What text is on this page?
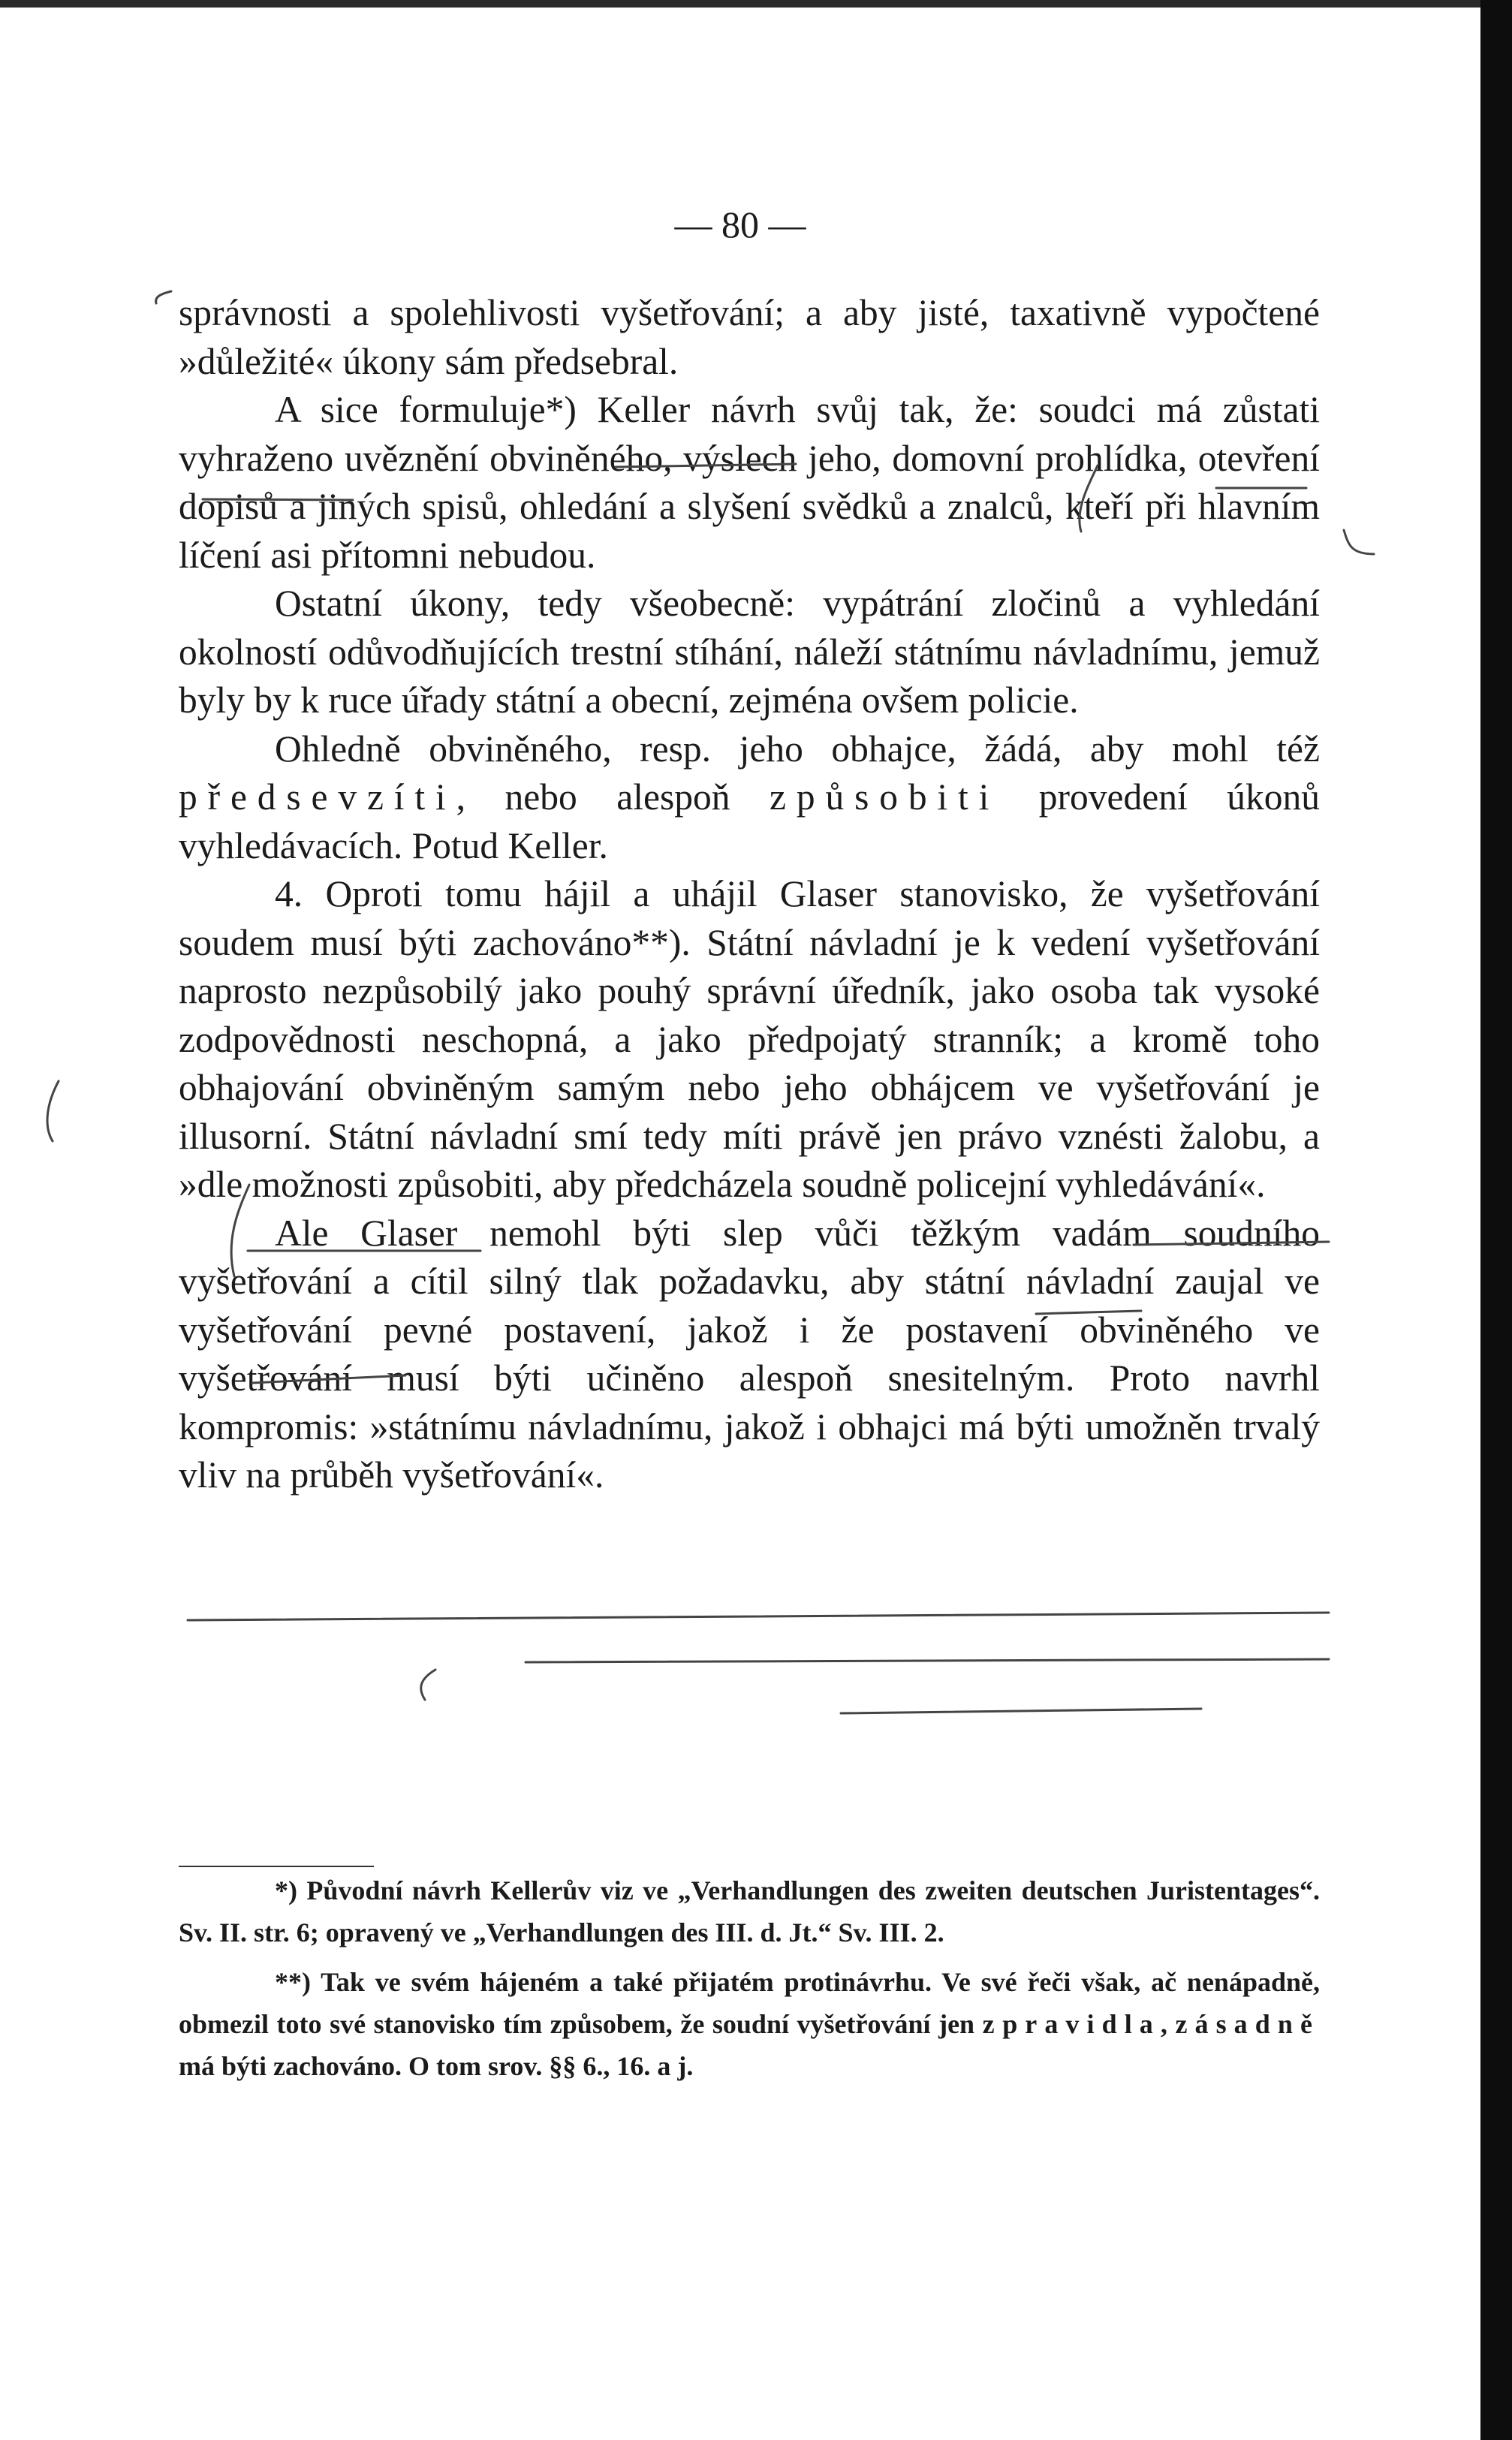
— 80 —

správnosti a spolehlivosti vyšetřování; a aby jisté, taxativně vypočtené »důležité« úkony sám předsebral.

A sice formuluje*) Keller návrh svůj tak, že: soudci má zůstati vyhraženo uvěznění obviněného, výslech jeho, domovní prohlídka, otevření dopisů a jiných spisů, ohledání a slyšení svědků a znalců, kteří při hlavním líčení asi přítomni nebudou.

Ostatní úkony, tedy všeobecně: vypátrání zločinů a vyhledání okolností odůvodňujících trestní stíhání, náleží státnímu návladnímu, jemuž byly by k ruce úřady státní a obecní, zejména ovšem policie.

Ohledně obviněného, resp. jeho obhajce, žádá, aby mohl též předsevzíti, nebo alespoň způsobiti provedení úkonů vyhledávacích. Potud Keller.

4. Oproti tomu hájil a uhájil Glaser stanovisko, že vyšetřování soudem musí býti zachováno**). Státní návladní je k vedení vyšetřování naprosto nezpůsobilý jako pouhý správní úředník, jako osoba tak vysoké zodpovědnosti neschopná, a jako předpojatý stranník; a kromě toho obhajování obviněným samým nebo jeho obhájcem ve vyšetřování je illusorní. Státní návladní smí tedy míti právě jen právo vznésti žalobu, a »dle možnosti způsobiti, aby předcházela soudně policejní vyhledávání«.

Ale Glaser nemohl býti slep vůči těžkým vadám soudního vyšetřování a cítil silný tlak požadavku, aby státní návladní zaujal ve vyšetřování pevné postavení, jakož i že postavení obviněného ve vyšetřování musí býti učiněno alespoň snesitelným. Proto navrhl kompromis: »státnímu návladnímu, jakož i obhajci má býti umožněn trvalý vliv na průběh vyšetřování«.

*) Původní návrh Kellerův viz ve „Verhandlungen des zweiten deutschen Juristentages“. Sv. II. str. 6; opravený ve „Verhandlungen des III. d. Jt.“ Sv. III. 2.

**) Tak ve svém hájeném a také přijatém protinávrhu. Ve své řeči však, ač nenápadně, obmezil toto své stanovisko tím způsobem, že soudní vyšetřování jen z pravidla, zásadně má býti zachováno. O tom srov. §§ 6., 16. a j.
